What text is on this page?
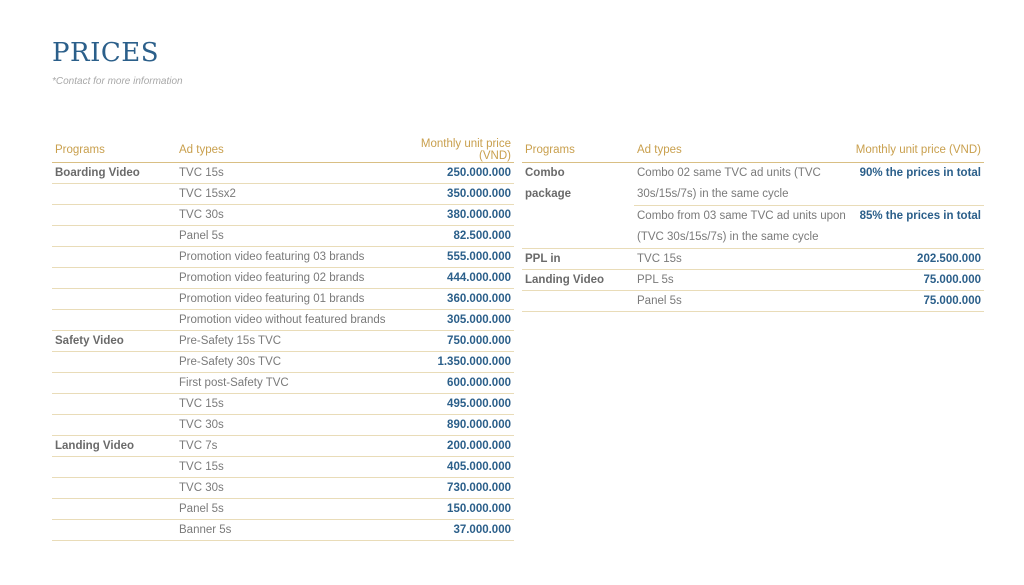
PRICES
*Contact for more information
Programs	Ad types	Monthly unit price (VND)
Boarding Video	TVC 15s	250.000.000
	TVC 15sx2	350.000.000
	TVC 30s	380.000.000
	Panel 5s	82.500.000
	Promotion video featuring 03 brands	555.000.000
	Promotion video featuring 02 brands	444.000.000
	Promotion video featuring 01 brands	360.000.000
	Promotion video without featured brands	305.000.000
Safety Video	Pre-Safety 15s TVC	750.000.000
	Pre-Safety 30s TVC	1.350.000.000
	First post-Safety TVC	600.000.000
	TVC 15s	495.000.000
	TVC 30s	890.000.000
Landing Video	TVC 7s	200.000.000
	TVC 15s	405.000.000
	TVC 30s	730.000.000
	Panel 5s	150.000.000
	Banner 5s	37.000.000
Programs	Ad types	Monthly unit price (VND)

Combo
package	Combo 02 same TVC ad units (TVC 30s/15s/7s) in the same cycle	90% the prices in total
	Combo from 03 same TVC ad units upon (TVC 30s/15s/7s) in the same cycle	85% the prices in total
PPL in	TVC 15s	202.500.000
Landing Video	PPL 5s	75.000.000
	Panel 5s	75.000.000
